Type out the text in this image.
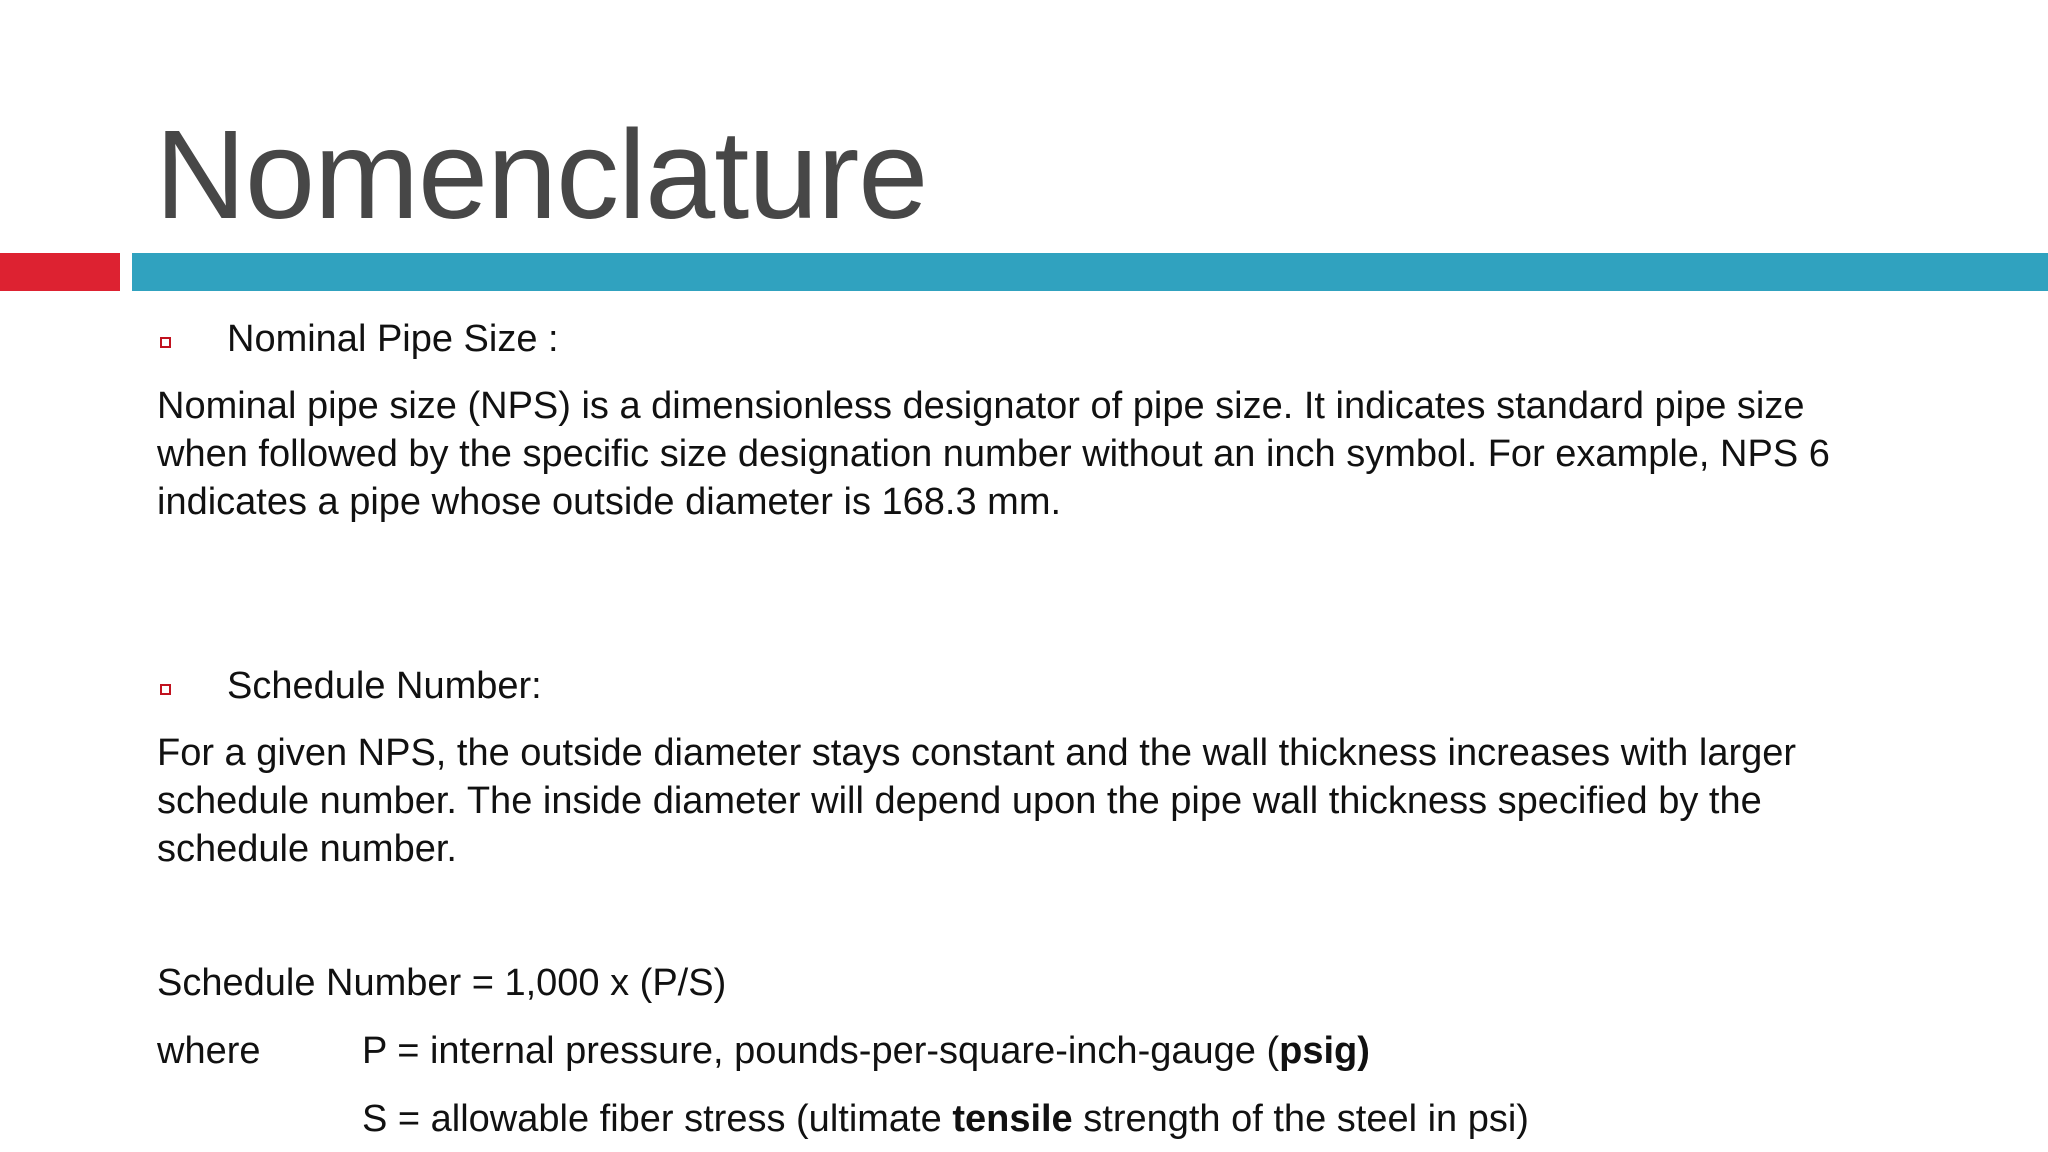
Nomenclature
Nominal Pipe Size :
Nominal pipe size (NPS) is a dimensionless designator of pipe size. It indicates standard pipe size
when followed by the specific size designation number without an inch symbol. For example, NPS 6
indicates a pipe whose outside diameter is 168.3 mm.
Schedule Number:
For a given NPS, the outside diameter stays constant and the wall thickness increases with larger
schedule number. The inside diameter will depend upon the pipe wall thickness specified by the
schedule number.
Schedule Number = 1,000 x (P/S)
where	P = internal pressure, pounds-per-square-inch-gauge (psig)
S = allowable fiber stress (ultimate tensile strength of the steel in psi)
